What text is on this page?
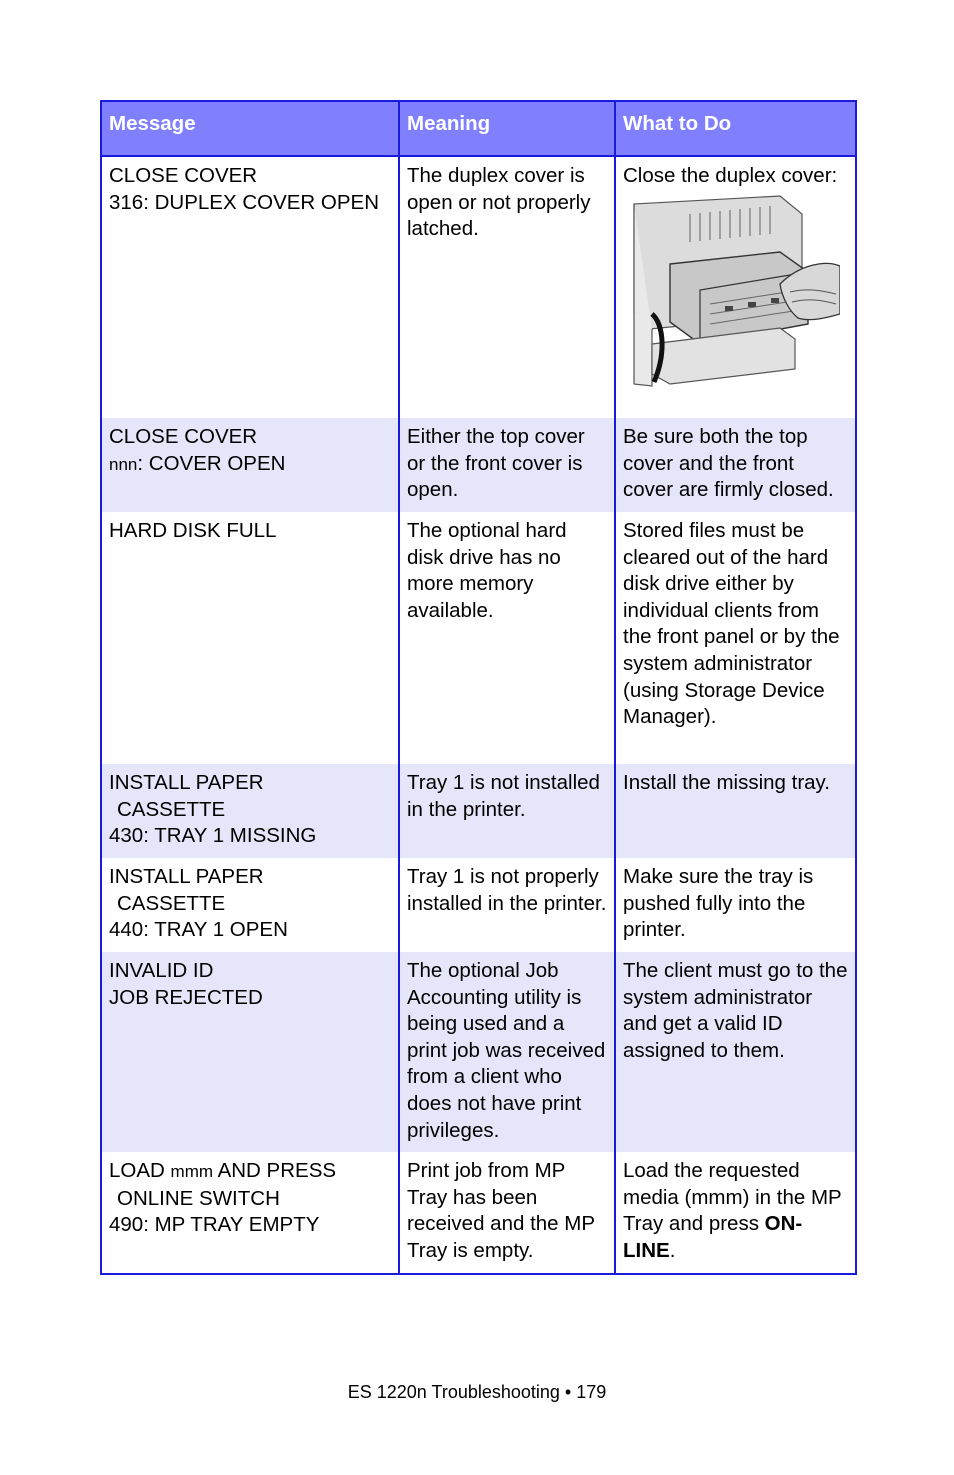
Message	Meaning	What to Do

CLOSE COVER
316: DUPLEX COVER OPEN	The duplex cover is open or not properly latched.	Close the duplex cover:

CLOSE COVER
nnn: COVER OPEN	Either the top cover or the front cover is open.	Be sure both the top cover and the front cover are firmly closed.

HARD DISK FULL	The optional hard disk drive has no more memory available.	Stored files must be cleared out of the hard disk drive either by individual clients from the front panel or by the system administrator (using Storage Device Manager).

INSTALL PAPER
CASSETTE
430: TRAY 1 MISSING	Tray 1 is not installed in the printer.	Install the missing tray.

INSTALL PAPER
CASSETTE
440: TRAY 1 OPEN	Tray 1 is not properly installed in the printer.	Make sure the tray is pushed fully into the printer.

INVALID ID
JOB REJECTED	The optional Job Accounting utility is being used and a print job was received from a client who does not have print privileges.	The client must go to the system administrator and get a valid ID assigned to them.

LOAD mmm AND PRESS
ONLINE SWITCH
490: MP TRAY EMPTY	Print job from MP Tray has been received and the MP Tray is empty.	Load the requested media (mmm) in the MP Tray and press ON-LINE.
ES 1220n Troubleshooting • 179
